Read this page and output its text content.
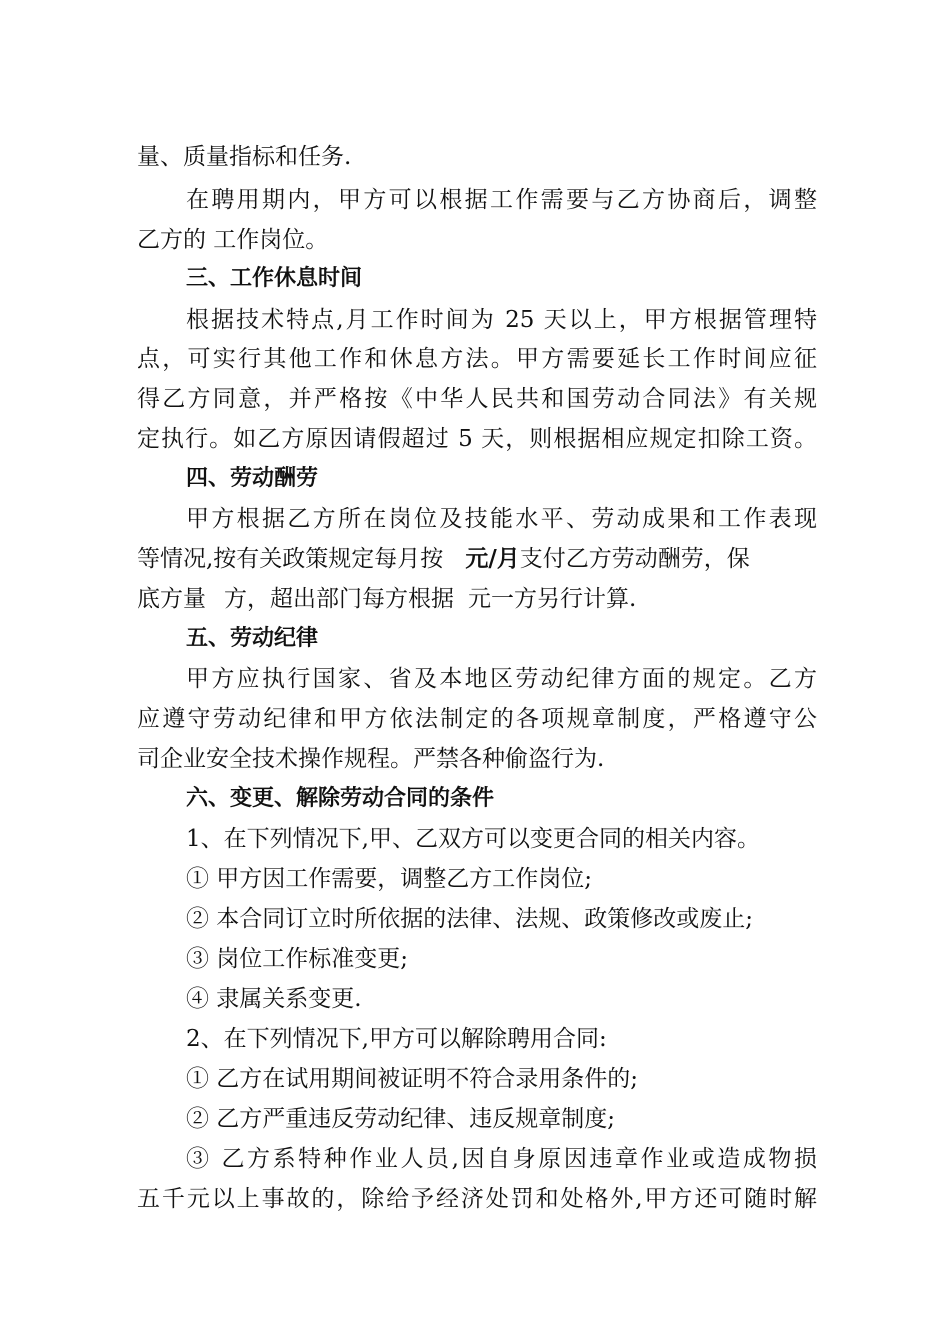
量、质量指标和任务.
在聘用期内，甲方可以根据工作需要与乙方协商后，调整
乙方的 工作岗位。
三、工作休息时间
根据技术特点,月工作时间为 25 天以上，甲方根据管理特
点，可实行其他工作和休息方法。甲方需要延长工作时间应征
得乙方同意，并严格按《中华人民共和国劳动合同法》有关规
定执行。如乙方原因请假超过 5 天，则根据相应规定扣除工资。
四、劳动酬劳
甲方根据乙方所在岗位及技能水平、劳动成果和工作表现
等情况,按有关政策规定每月按 元/月支付乙方劳动酬劳，保
底方量 方，超出部门每方根据 元一方另行计算.
五、劳动纪律
甲方应执行国家、省及本地区劳动纪律方面的规定。乙方
应遵守劳动纪律和甲方依法制定的各项规章制度，严格遵守公
司企业安全技术操作规程。严禁各种偷盗行为.
六、变更、解除劳动合同的条件
1、在下列情况下,甲、乙双方可以变更合同的相关内容。
① 甲方因工作需要，调整乙方工作岗位;
② 本合同订立时所依据的法律、法规、政策修改或废止;
③ 岗位工作标准变更;
④ 隶属关系变更.
2、在下列情况下,甲方可以解除聘用合同:
① 乙方在试用期间被证明不符合录用条件的;
② 乙方严重违反劳动纪律、违反规章制度;
③ 乙方系特种作业人员,因自身原因违章作业或造成物损
五千元以上事故的，除给予经济处罚和处格外,甲方还可随时解
